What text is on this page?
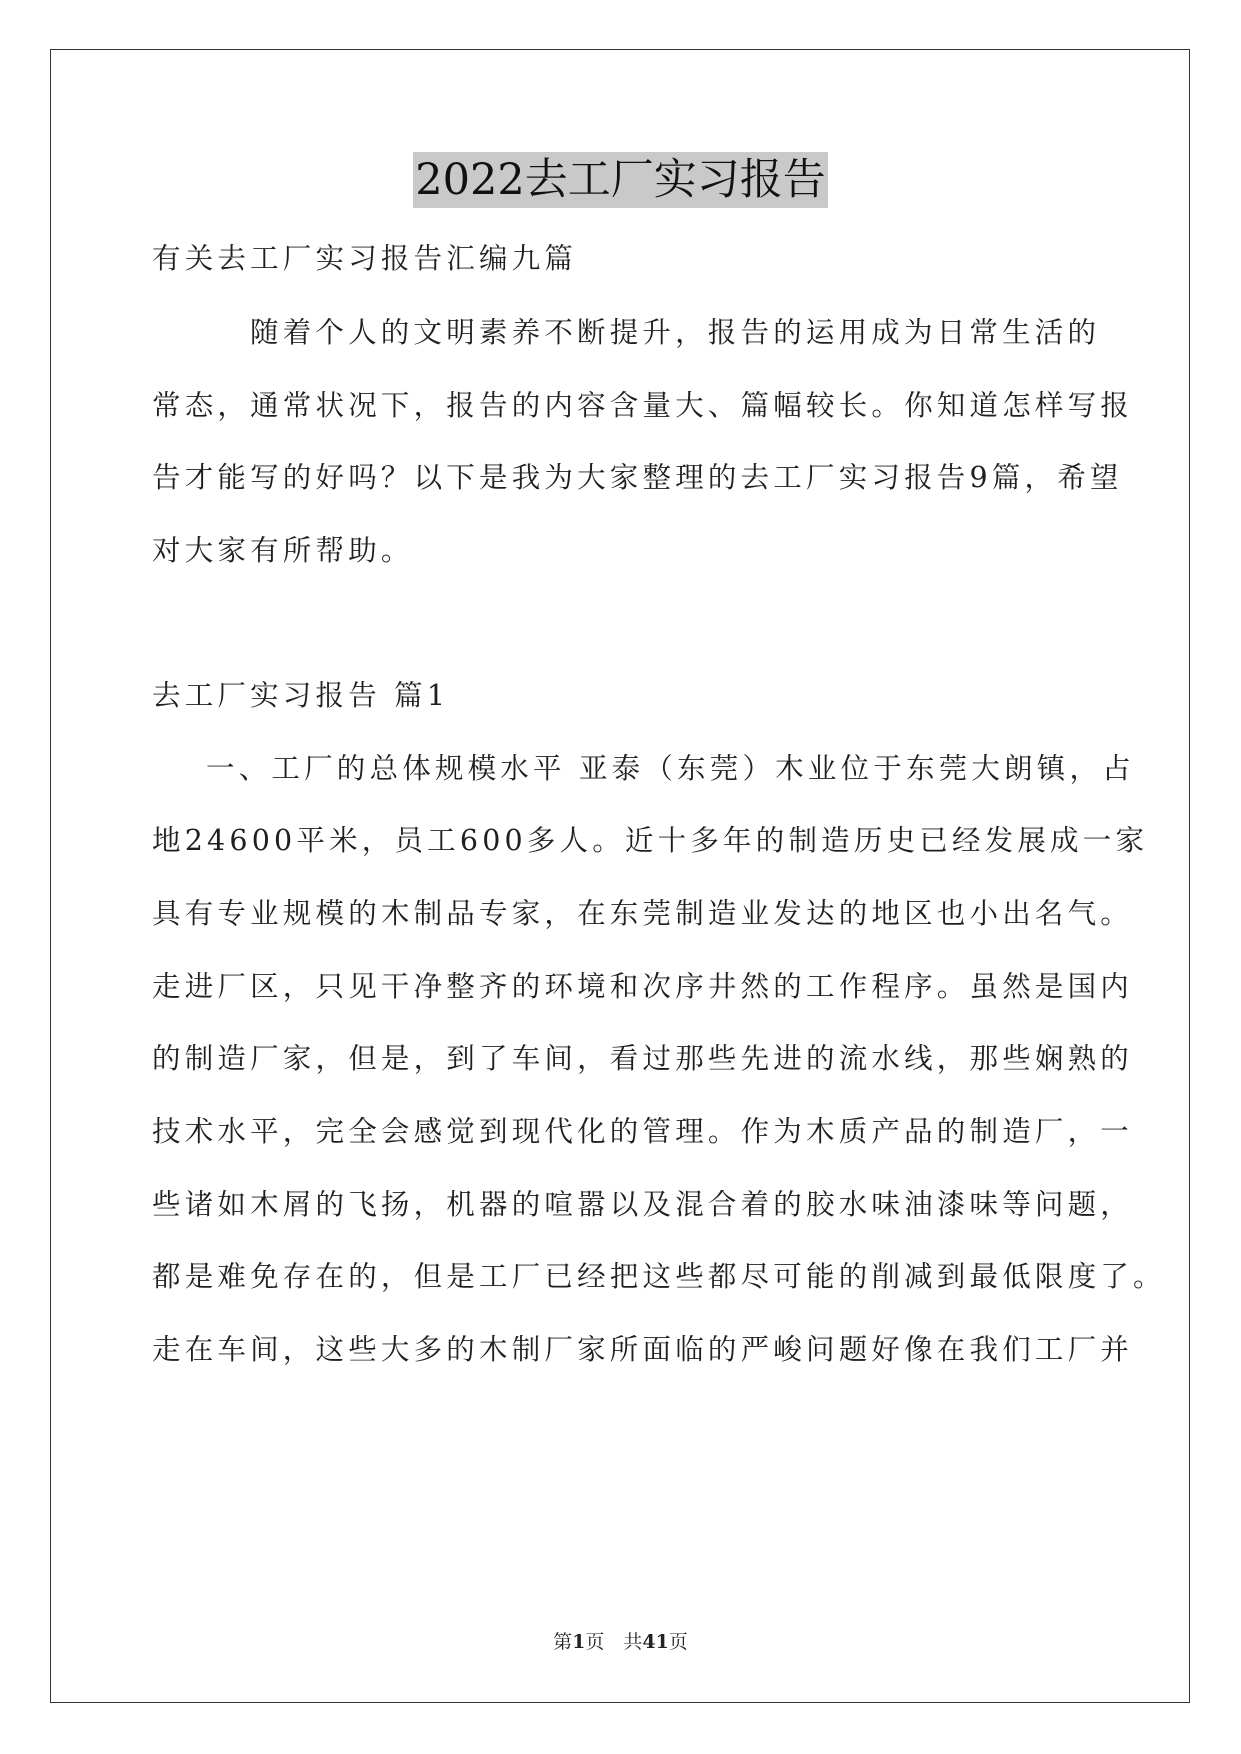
2022去工厂实习报告
有关去工厂实习报告汇编九篇
随着个人的文明素养不断提升，报告的运用成为日常生活的
常态，通常状况下，报告的内容含量大、篇幅较长。你知道怎样写报
告才能写的好吗？以下是我为大家整理的去工厂实习报告9篇，希望
对大家有所帮助。
去工厂实习报告 篇1
一、工厂的总体规模水平 亚泰（东莞）木业位于东莞大朗镇，占
地24600平米，员工600多人。近十多年的制造历史已经发展成一家
具有专业规模的木制品专家，在东莞制造业发达的地区也小出名气。
走进厂区，只见干净整齐的环境和次序井然的工作程序。虽然是国内
的制造厂家，但是，到了车间，看过那些先进的流水线，那些娴熟的
技术水平，完全会感觉到现代化的管理。作为木质产品的制造厂，一
些诸如木屑的飞扬，机器的喧嚣以及混合着的胶水味油漆味等问题，
都是难免存在的，但是工厂已经把这些都尽可能的削减到最低限度了。
走在车间，这些大多的木制厂家所面临的严峻问题好像在我们工厂并
第1页　共41页
